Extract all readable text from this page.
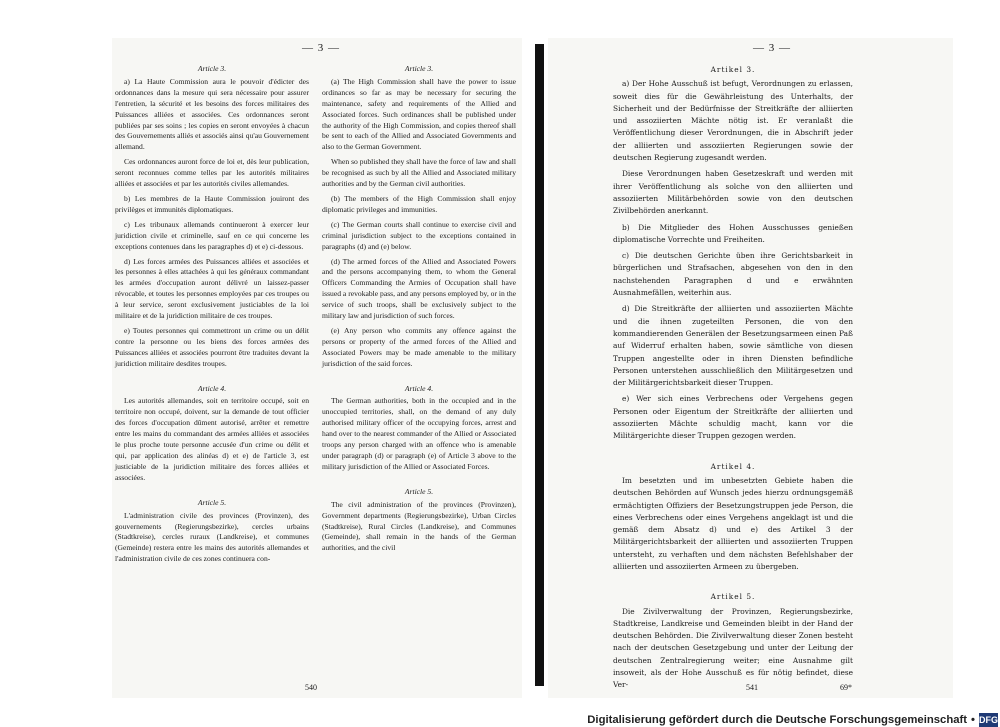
— 3 —
Article 3.

a) La Haute Commission aura le pouvoir d'édicter des ordonnances dans la mesure qui sera nécessaire pour assurer l'entretien, la sécurité et les besoins des forces militaires des Puissances alliées et associées. Ces ordonnances seront publiées par ses soins ; les copies en seront envoyées à chacun des Gouvernements alliés et associés ainsi qu'au Gouvernement allemand.

Ces ordonnances auront force de loi et, dès leur publication, seront reconnues comme telles par les autorités militaires alliées et associées et par les autorités civiles allemandes.

b) Les membres de la Haute Commission jouiront des privilèges et immunités diplomatiques.

c) Les tribunaux allemands continueront à exercer leur juridiction civile et criminelle, sauf en ce qui concerne les exceptions contenues dans les paragraphes d) et e) ci-dessous.

d) Les forces armées des Puissances alliées et associées et les personnes à elles attachées à qui les généraux commandant les armées d'occupation auront délivré un laissez-passer révocable, et toutes les personnes employées par ces troupes ou à leur service, seront exclusivement justiciables de la loi militaire et de la juridiction militaire de ces troupes.

e) Toutes personnes qui commettront un crime ou un délit contre la personne ou les biens des forces armées des Puissances alliées et associées pourront être traduites devant la juridiction militaire desdites troupes.

Article 4.

Les autorités allemandes, soit en territoire occupé, soit en territoire non occupé, doivent, sur la demande de tout officier des forces d'occupation dûment autorisé, arrêter et remettre entre les mains du commandant des armées alliées et associées le plus proche toute personne accusée d'un crime ou délit et qui, par application des alinéas d) et e) de l'article 3, est justiciable de la juridiction militaire des forces alliées et associées.

Article 5.

L'administration civile des provinces (Provinzen), des gouvernements (Regierungsbezirke), cercles urbains (Stadtkreise), cercles ruraux (Landkreise), et communes (Gemeinde) restera entre les mains des autorités allemandes et l'administration civile de ces zones continuera con-

Article 3.

(a) The High Commission shall have the power to issue ordinances so far as may be necessary for securing the maintenance, safety and requirements of the Allied and Associated forces. Such ordinances shall be published under the authority of the High Commission, and copies thereof shall be sent to each of the Allied and Associated Governments and also to the German Government.

When so published they shall have the force of law and shall be recognised as such by all the Allied and Associated military authorities and by the German civil authorities.

(b) The members of the High Commission shall enjoy diplomatic privileges and immunities.

(c) The German courts shall continue to exercise civil and criminal jurisdiction subject to the exceptions contained in paragraphs (d) and (e) below.

(d) The armed forces of the Allied and Associated Powers and the persons accompanying them, to whom the General Officers Commanding the Armies of Occupation shall have issued a revokable pass, and any persons employed by, or in the service of such troops, shall be exclusively subject to the military law and jurisdiction of such forces.

(e) Any person who commits any offence against the persons or property of the armed forces of the Allied and Associated Powers may be made amenable to the military jurisdiction of the said forces.

Article 4.

The German authorities, both in the occupied and in the unoccupied territories, shall, on the demand of any duly authorised military officer of the occupying forces, arrest and hand over to the nearest commander of the Allied or Associated troops any person charged with an offence who is amenable under paragraph (d) or paragraph (e) of Article 3 above to the military jurisdiction of the Allied or Associated Forces.

Article 5.

The civil administration of the provinces (Provinzen), Government departments (Regierungsbezirke), Urban Circles (Stadtkreise), Rural Circles (Landkreise), and Communes (Gemeinde), shall remain in the hands of the German authorities, and the civil

540
— 3 —
Artikel 3.

a) Der Hohe Ausschuß ist befugt, Verordnungen zu erlassen, soweit dies für die Gewährleistung des Unterhalts, der Sicherheit und der Bedürfnisse der Streitkräfte der alliierten und assoziierten Mächte nötig ist. Er veranlaßt die Veröffentlichung dieser Verordnungen, die in Abschrift jeder der alliierten und assoziierten Regierungen sowie der deutschen Regierung zugesandt werden.

Diese Verordnungen haben Gesetzeskraft und werden mit ihrer Veröffentlichung als solche von den alliierten und assoziierten Militärbehörden sowie von den deutschen Zivilbehörden anerkannt.

b) Die Mitglieder des Hohen Ausschusses genießen diplomatische Vorrechte und Freiheiten.

c) Die deutschen Gerichte üben ihre Gerichtsbarkeit in bürgerlichen und Strafsachen, abgesehen von den in den nachstehenden Paragraphen d und e erwähnten Ausnahmefällen, weiterhin aus.

d) Die Streitkräfte der alliierten und assoziierten Mächte und die ihnen zugeteilten Personen, die von den kommandierenden Generälen der Besetzungsarmeen einen Paß auf Widerruf erhalten haben, sowie sämtliche von diesen Truppen angestellte oder in ihren Diensten befindliche Personen unterstehen ausschließlich den Militärgesetzen und der Militärgerichtsbarkeit dieser Truppen.

e) Wer sich eines Verbrechens oder Vergehens gegen Personen oder Eigentum der Streitkräfte der alliierten und assoziierten Mächte schuldig macht, kann vor die Militärgerichte dieser Truppen gezogen werden.

Artikel 4.

Im besetzten und im unbesetzten Gebiete haben die deutschen Behörden auf Wunsch jedes hierzu ordnungsgemäß ermächtigten Offiziers der Besetzungstruppen jede Person, die eines Verbrechens oder eines Vergehens angeklagt ist und die gemäß dem Absatz d) und e) des Artikel 3 der Militärgerichtsbarkeit der alliierten und assoziierten Truppen untersteht, zu verhaften und dem nächsten Befehlshaber der alliierten und assoziierten Armeen zu übergeben.

Artikel 5.

Die Zivilverwaltung der Provinzen, Regierungsbezirke, Stadtkreise, Landkreise und Gemeinden bleibt in der Hand der deutschen Behörden. Die Zivilverwaltung dieser Zonen besteht nach der deutschen Gesetzgebung und unter der Leitung der deutschen Zentralregierung weiter; eine Ausnahme gilt insoweit, als der Hohe Ausschuß es für nötig befindet, diese Ver-	541	69*
Digitalisierung gefördert durch die Deutsche Forschungsgemeinschaft • DFG
